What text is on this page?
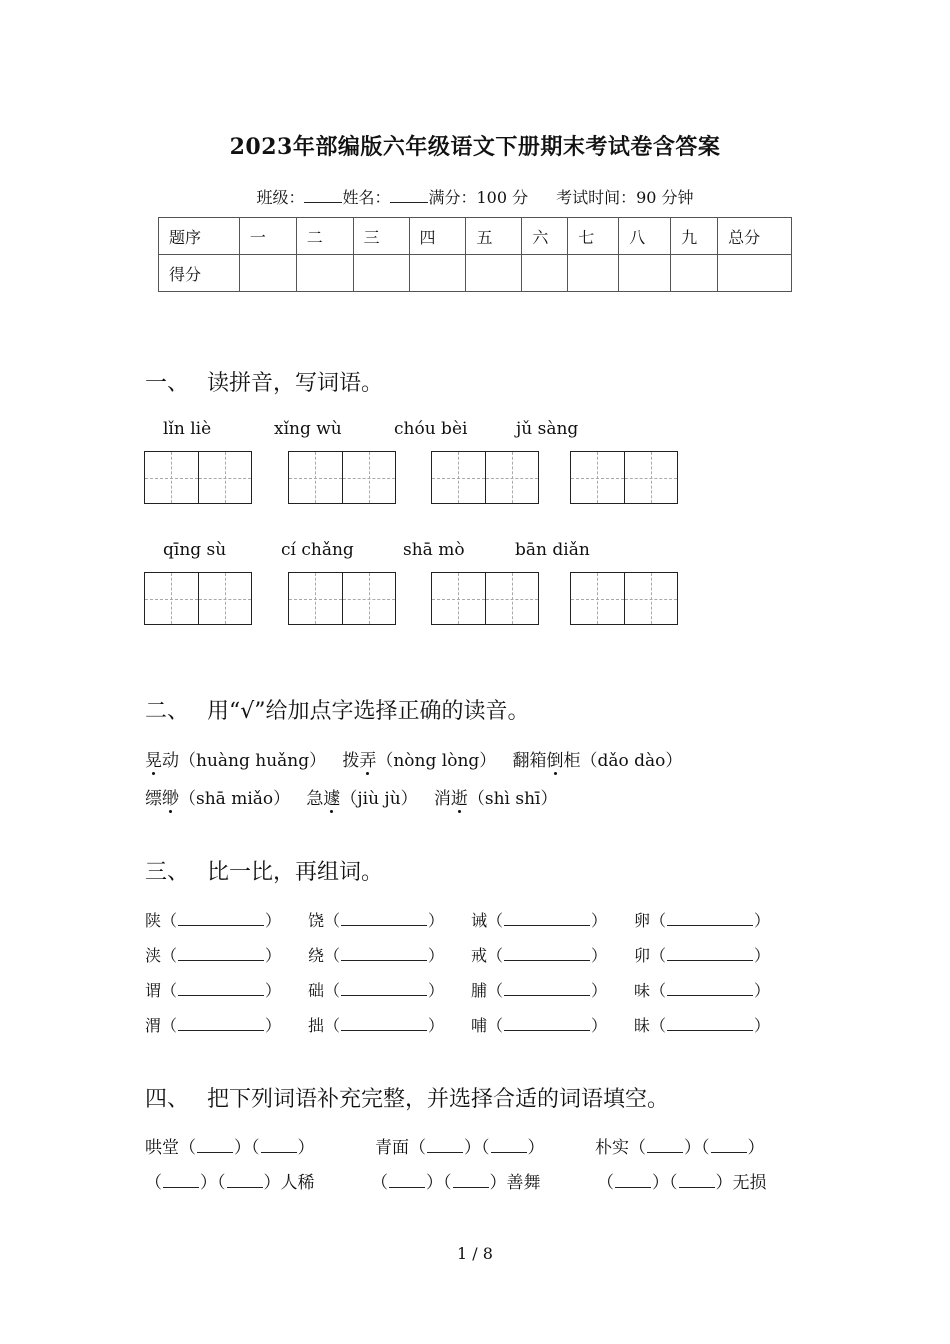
2023年部编版六年级语文下册期末考试卷含答案
班级： 姓名： 满分：100 分 考试时间：90 分钟
题序	一	二	三	四	五	六	七	八	九	总分
得分										
一、 读拼音，写词语。
lǐn liè	xǐng wù	chóu bèi	jǔ sàng
qīng sù	cí chǎng	shā mò	bān diǎn
二、 用“√”给加点字选择正确的读音。
晃动（huàng huǎng） 拨弄（nòng lòng） 翻箱倒柜（dǎo dào）
缥缈（shā miǎo） 急遽（jiù jù） 消逝（shì shī）
三、 比一比，再组词。
陕（	） 饶（	） 诫（	） 卵（	）
浃（	） 绕（	） 戒（	） 卯（	）
谓（	） 础（	） 脯（	） 味（	）
渭（	） 拙（	） 哺（	） 昧（	）
四、 把下列词语补充完整，并选择合适的词语填空。
哄堂（ ）（ ）	青面（ ）（ ）	朴实（ ）（ ）
（ ）（ ）人稀	（ ）（ ）善舞	（ ）（ ）无损
1 / 8
